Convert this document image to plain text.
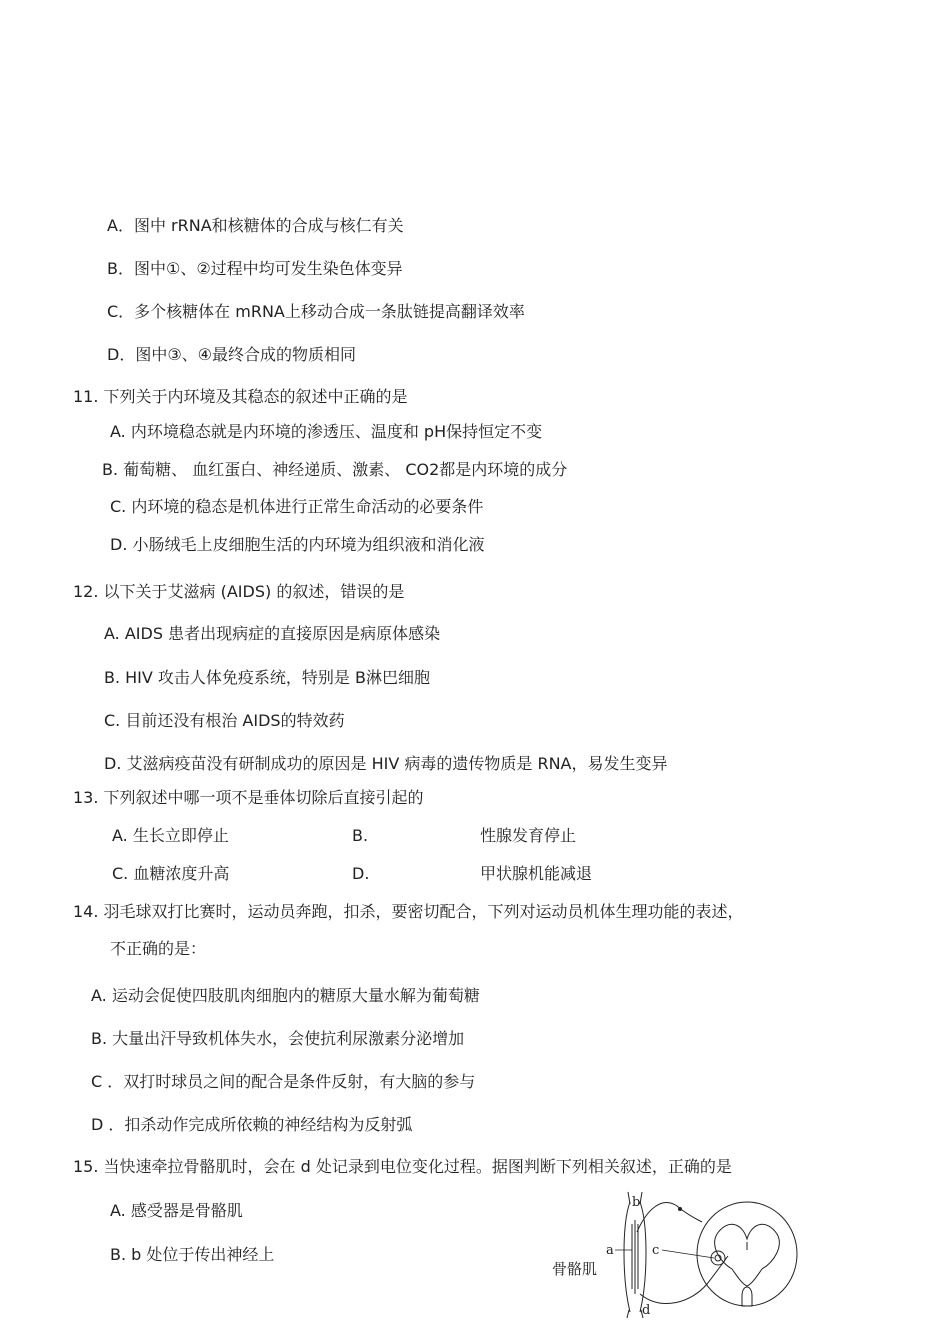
A．图中 rRNA和核糖体的合成与核仁有关
B．图中①、②过程中均可发生染色体变异
C．多个核糖体在 mRNA上移动合成一条肽链提高翻译效率
D．图中③、④最终合成的物质相同
11. 下列关于内环境及其稳态的叙述中正确的是
A. 内环境稳态就是内环境的渗透压、温度和 pH保持恒定不变
B. 葡萄糖、 血红蛋白、神经递质、激素、 CO2都是内环境的成分
C. 内环境的稳态是机体进行正常生命活动的必要条件
D. 小肠绒毛上皮细胞生活的内环境为组织液和消化液
12. 以下关于艾滋病 (AIDS) 的叙述，错误的是
A. AIDS 患者出现病症的直接原因是病原体感染
B. HIV 攻击人体免疫系统，特别是 B淋巴细胞
C. 目前还没有根治 AIDS的特效药
D. 艾滋病疫苗没有研制成功的原因是 HIV 病毒的遗传物质是 RNA，易发生变异
13. 下列叙述中哪一项不是垂体切除后直接引起的
A. 生长立即停止	B.	性腺发育停止
C. 血糖浓度升高	D.	甲状腺机能减退
14. 羽毛球双打比赛时，运动员奔跑，扣杀，要密切配合，下列对运动员机体生理功能的表述，
不正确的是：
A. 运动会促使四肢肌肉细胞内的糖原大量水解为葡萄糖
B. 大量出汗导致机体失水，会使抗利尿激素分泌增加
C ．双打时球员之间的配合是条件反射，有大脑的参与
D ．扣杀动作完成所依赖的神经结构为反射弧
15. 当快速牵拉骨骼肌时，会在 d 处记录到电位变化过程。据图判断下列相关叙述，正确的是
A. 感受器是骨骼肌
B. b 处位于传出神经上
骨骼肌
a
b
c
d
